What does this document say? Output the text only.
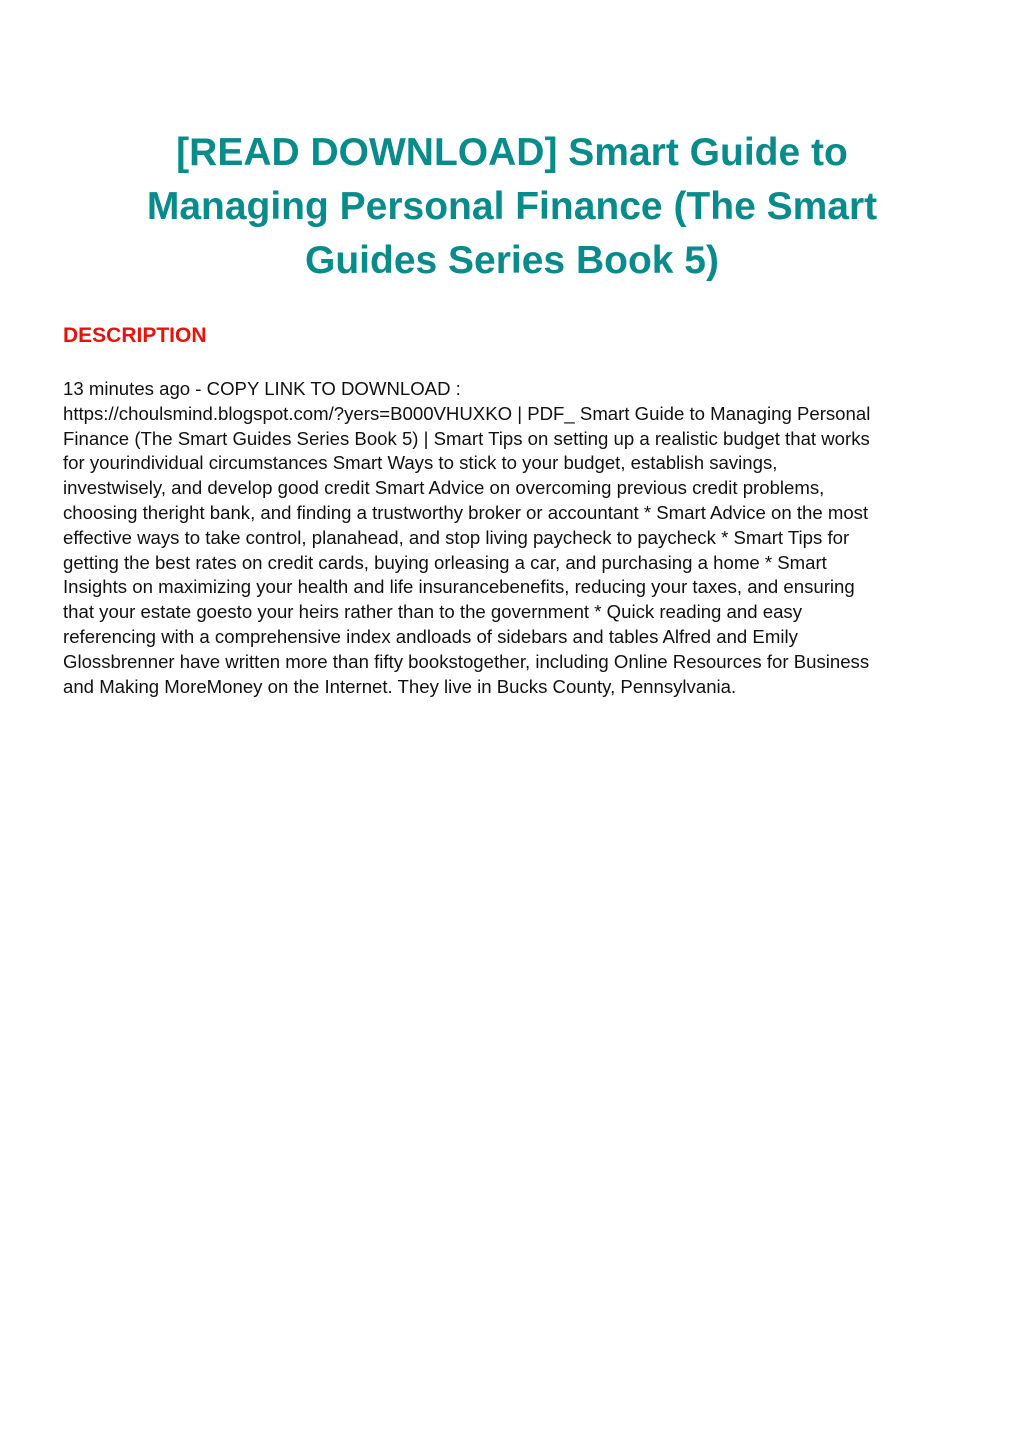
[READ DOWNLOAD] Smart Guide to
Managing Personal Finance (The Smart
Guides Series Book 5)
DESCRIPTION

13 minutes ago - COPY LINK TO DOWNLOAD :
https://choulsmind.blogspot.com/?yers=B000VHUXKO | PDF_ Smart Guide to Managing Personal
Finance (The Smart Guides Series Book 5) | Smart Tips on setting up a realistic budget that works
for yourindividual circumstances Smart Ways to stick to your budget, establish savings,
investwisely, and develop good credit Smart Advice on overcoming previous credit problems,
choosing theright bank, and finding a trustworthy broker or accountant * Smart Advice on the most
effective ways to take control, planahead, and stop living paycheck to paycheck * Smart Tips for
getting the best rates on credit cards, buying orleasing a car, and purchasing a home * Smart
Insights on maximizing your health and life insurancebenefits, reducing your taxes, and ensuring
that your estate goesto your heirs rather than to the government * Quick reading and easy
referencing with a comprehensive index andloads of sidebars and tables Alfred and Emily
Glossbrenner have written more than fifty bookstogether, including Online Resources for Business
and Making MoreMoney on the Internet. They live in Bucks County, Pennsylvania.
